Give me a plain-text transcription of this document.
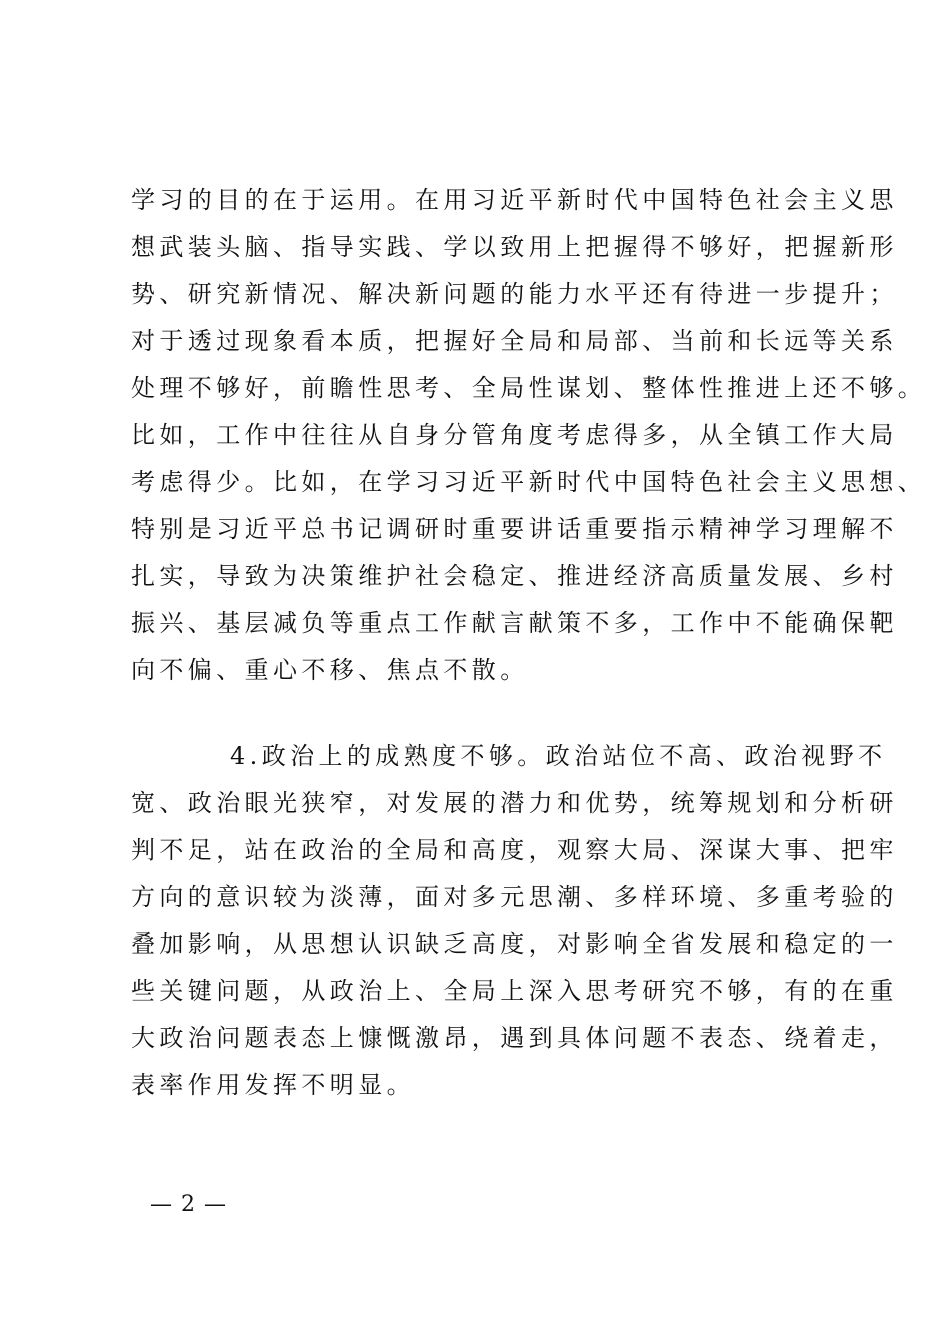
学习的目的在于运用。在用习近平新时代中国特色社会主义思
想武装头脑、指导实践、学以致用上把握得不够好，把握新形
势、研究新情况、解决新问题的能力水平还有待进一步提升；
对于透过现象看本质，把握好全局和局部、当前和长远等关系
处理不够好，前瞻性思考、全局性谋划、整体性推进上还不够。
比如，工作中往往从自身分管角度考虑得多，从全镇工作大局
考虑得少。比如，在学习习近平新时代中国特色社会主义思想、
特别是习近平总书记调研时重要讲话重要指示精神学习理解不
扎实，导致为决策维护社会稳定、推进经济高质量发展、乡村
振兴、基层减负等重点工作献言献策不多，工作中不能确保靶
向不偏、重心不移、焦点不散。
4.政治上的成熟度不够。政治站位不高、政治视野不
宽、政治眼光狭窄，对发展的潜力和优势，统筹规划和分析研
判不足，站在政治的全局和高度，观察大局、深谋大事、把牢
方向的意识较为淡薄，面对多元思潮、多样环境、多重考验的
叠加影响，从思想认识缺乏高度，对影响全省发展和稳定的一
些关键问题，从政治上、全局上深入思考研究不够，有的在重
大政治问题表态上慷慨激昂，遇到具体问题不表态、绕着走，
表率作用发挥不明显。
— 2 —
